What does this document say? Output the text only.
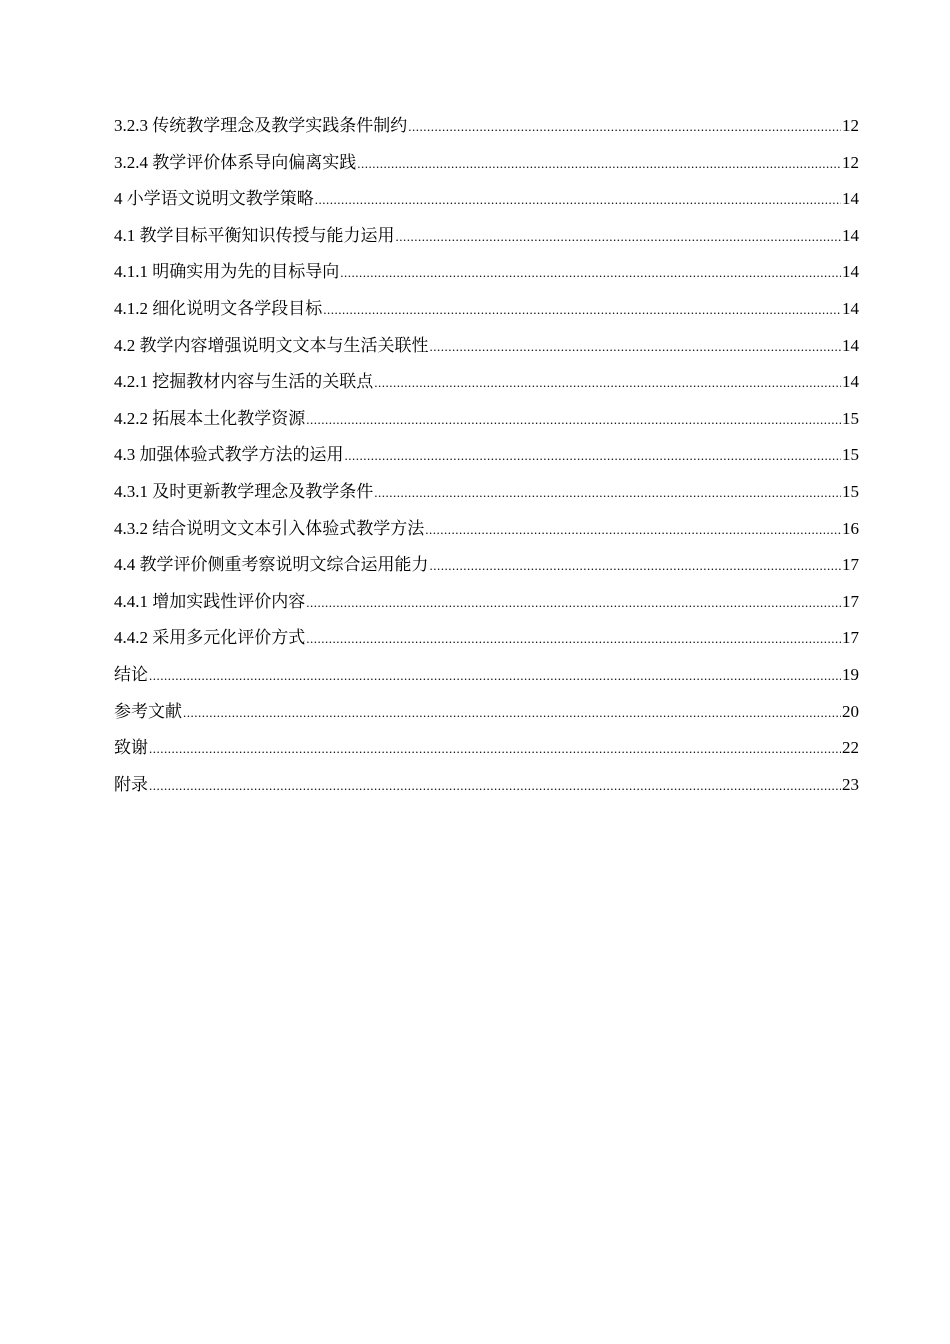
3.2.3 传统教学理念及教学实践条件制约 .....	12
3.2.4 教学评价体系导向偏离实践 .....	12
4 小学语文说明文教学策略 .....	14
4.1 教学目标平衡知识传授与能力运用 .....	14
4.1.1 明确实用为先的目标导向 .....	14
4.1.2 细化说明文各学段目标 .....	14
4.2 教学内容增强说明文文本与生活关联性 .....	14
4.2.1 挖掘教材内容与生活的关联点 .....	14
4.2.2 拓展本土化教学资源 .....	15
4.3 加强体验式教学方法的运用 .....	15
4.3.1 及时更新教学理念及教学条件 .....	15
4.3.2 结合说明文文本引入体验式教学方法 .....	16
4.4 教学评价侧重考察说明文综合运用能力 .....	17
4.4.1 增加实践性评价内容 .....	17
4.4.2 采用多元化评价方式 .....	17
结论 .....	19
参考文献 .....	20
致谢 .....	22
附录 .....	23
